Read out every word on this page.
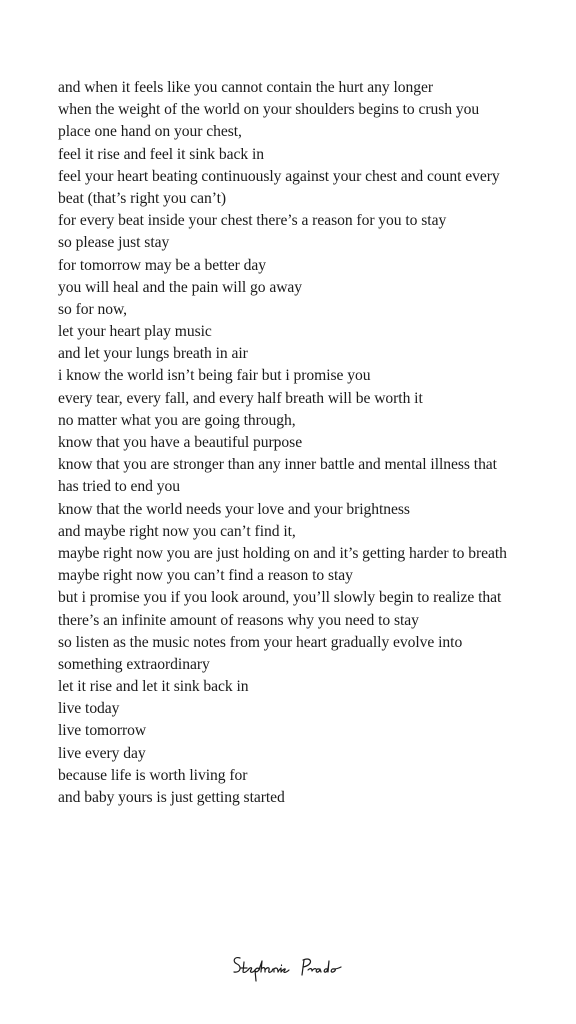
and when it feels like you cannot contain the hurt any longer
when the weight of the world on your shoulders begins to crush you
place one hand on your chest,
feel it rise and feel it sink back in
feel your heart beating continuously against your chest and count every
beat (that’s right you can’t)
for every beat inside your chest there’s a reason for you to stay
so please just stay
for tomorrow may be a better day
you will heal and the pain will go away
so for now,
let your heart play music
and let your lungs breath in air
i know the world isn’t being fair but i promise you
every tear, every fall, and every half breath will be worth it
no matter what you are going through,
know that you have a beautiful purpose
know that you are stronger than any inner battle and mental illness that
has tried to end you
know that the world needs your love and your brightness
and maybe right now you can’t find it,
maybe right now you are just holding on and it’s getting harder to breath
maybe right now you can’t find a reason to stay
but i promise you if you look around, you’ll slowly begin to realize that
there’s an infinite amount of reasons why you need to stay
so listen as the music notes from your heart gradually evolve into
something extraordinary
let it rise and let it sink back in
live today
live tomorrow
live every day
because life is worth living for
and baby yours is just getting started
